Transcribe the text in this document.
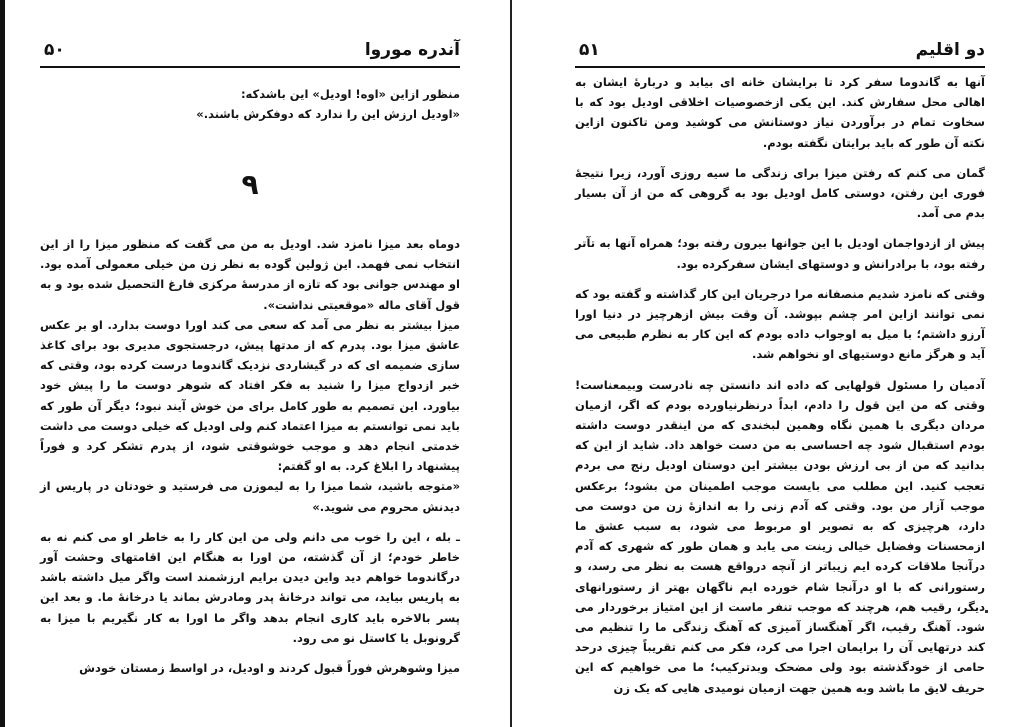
آندره موروا
۵۰

منظور ازاین «اوه! اودیل» این باشدکه:

«اودیل ارزش این را ندارد که دوفکرش باشند.»

۹

دوماه بعد میزا نامزد شد. اودیل به من می گفت که منظور میزا را از این انتخاب نمی فهمد. این ژولین گوده به نظر زن من خیلی معمولی آمده بود. او مهندس جوانی بود که تازه از مدرسهٔ مرکزی فارغ التحصیل شده بود و به قول آقای ماله «موقعیتی نداشت».

میزا بیشتر به نظر می آمد که سعی می کند اورا دوست بدارد. او بر عکس عاشق میزا بود. پدرم که از مدتها پیش، درجستجوی مدیری بود برای کاغذ سازی ضمیمه ای که در گیشاردی نزدیک گاندوما درست کرده بود، وقتی که خبر ازدواج میزا را شنید به فکر افتاد که شوهر دوست ما را پیش خود بیاورد. این تصمیم به طور کامل برای من خوش آیند نبود؛ دیگر آن طور که باید نمی توانستم به میزا اعتماد کنم ولی اودیل که خیلی دوست می داشت خدمتی انجام دهد و موجب خوشوقتی شود، از پدرم تشکر کرد و فوراً پیشنهاد را ابلاغ کرد. به او گفتم:

«متوجه باشید، شما میزا را به لیموزن می فرستید و خودتان در پاریس از دیدنش محروم می شوید.»

ـ بله ، این را خوب می دانم ولی من این کار را به خاطر او می کنم نه به خاطر خودم؛ از آن گذشته، من اورا به هنگام این اقامتهای وحشت آور درگاندوما خواهم دید واین دیدن برایم ارزشمند است واگر میل داشته باشد به پاریس بیاید، می تواند درخانهٔ پدر ومادرش بماند یا درخانهٔ ما. و بعد این پسر بالاخره باید کاری انجام بدهد واگر ما اورا به کار نگیریم با میزا به گرونوبل یا کاستل نو می رود.

میزا وشوهرش فوراً قبول کردند و اودیل، در اواسط زمستان خودش

دو اقلیم
۵۱

آنها به گاندوما سفر کرد تا برایشان خانه ای بیابد و دربارهٔ ایشان به اهالی محل سفارش کند. این یکی ازخصوصیات اخلاقی اودیل بود که با سخاوت تمام در برآوردن نیاز دوستانش می کوشید ومن تاکنون ازاین نکته آن طور که باید برایتان نگفته بودم.

گمان می کنم که رفتن میزا برای زندگی ما سیه روزی آورد، زیرا نتیجهٔ فوری این رفتن، دوستی کامل اودیل بود به گروهی که من از آن بسیار بدم می آمد.

پیش از ازدواجمان اودیل با این جوانها بیرون رفته بود؛ همراه آنها به تآتر رفته بود، با برادرانش و دوستهای ایشان سفرکرده بود.

وقتی که نامزد شدیم منصفانه مرا درجریان این کار گذاشته و گفته بود که نمی توانند ازاین امر چشم بپوشد. آن وقت بیش ازهرچیز در دنیا اورا آرزو داشتم؛ با میل به اوجواب داده بودم که این کار به نظرم طبیعی می آید و هرگز مانع دوستیهای او نخواهم شد.

آدمیان را مسئول قولهایی که داده اند دانستن چه نادرست وبیمعناست! وقتی که من این قول را دادم، ابداً درنظرنیاورده بودم که اگر، ازمیان مردان دیگری با همین نگاه وهمین لبخندی که من اینقدر دوست داشته بودم استقبال شود چه احساسی به من دست خواهد داد. شاید از این که بدانید که من از بی ارزش بودن بیشتر این دوستان اودیل رنج می بردم تعجب کنید. این مطلب می بایست موجب اطمینان من بشود؛ برعکس موجب آزار من بود. وقتی که آدم زنی را به اندازهٔ زن من دوست می دارد، هرچیزی که به تصویر او مربوط می شود، به سبب عشق ما ازمحسنات وفضایل خیالی زینت می یابد و همان طور که شهری که آدم درآنجا ملاقات کرده ایم زیباتر از آنچه درواقع هست به نظر می رسد، و رستورانی که با او درآنجا شام خورده ایم ناگهان بهتر از رستورانهای دیگر، رقیب هم، هرچند که موجب تنفر ماست از این امتیاز برخوردار می شود. آهنگ رقیب، اگر آهنگساز آمیزی که آهنگ زندگی ما را تنظیم می کند درتهایی آن را برایمان اجرا می کرد، فکر می کنم تقریباً چیزی درحد حامی از خودگذشته بود ولی مضحک وبدترکیب؛ ما می خواهیم که این حریف لایق ما باشد وبه همین جهت ازمیان نومیدی هایی که یک زن
